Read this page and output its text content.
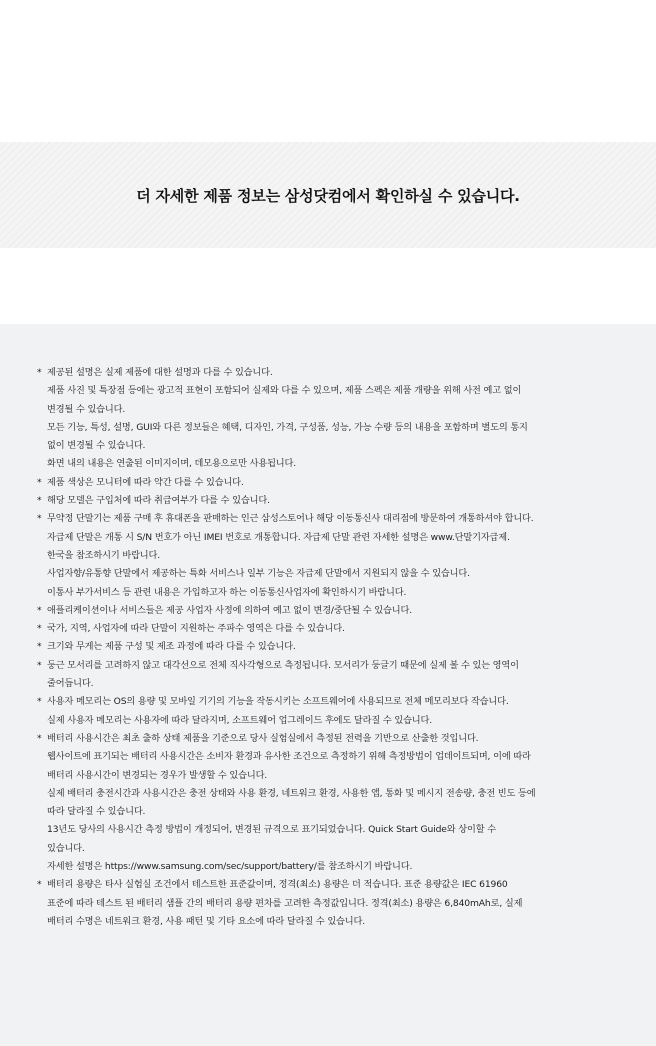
더 자세한 제품 정보는 삼성닷컴에서 확인하실 수 있습니다.
* 제공된 설명은 실제 제품에 대한 설명과 다를 수 있습니다.
제품 사진 및 특장점 등에는 광고적 표현이 포함되어 실제와 다를 수 있으며, 제품 스펙은 제품 개량을 위해 사전 예고 없이
변경될 수 있습니다.
모든 기능, 특성, 설명, GUI와 다른 정보들은 혜택, 디자인, 가격, 구성품, 성능, 가능 수량 등의 내용을 포함하며 별도의 통지
없이 변경될 수 있습니다.
화면 내의 내용은 연출된 이미지이며, 데모용으로만 사용됩니다.
* 제품 색상은 모니터에 따라 약간 다를 수 있습니다.
* 해당 모델은 구입처에 따라 취급여부가 다를 수 있습니다.
* 무약정 단말기는 제품 구매 후 휴대폰을 판매하는 인근 삼성스토어나 해당 이동통신사 대리점에 방문하여 개통하셔야 합니다.
자급제 단말은 개통 시 S/N 번호가 아닌 IMEI 번호로 개통합니다. 자급제 단말 관련 자세한 설명은 www.단말기자급제.
한국을 참조하시기 바랍니다.
사업자향/유통향 단말에서 제공하는 특화 서비스나 일부 기능은 자급제 단말에서 지원되지 않을 수 있습니다.
이통사 부가서비스 등 관련 내용은 가입하고자 하는 이동통신사업자에 확인하시기 바랍니다.
* 애플리케이션이나 서비스들은 제공 사업자 사정에 의하여 예고 없이 변경/중단될 수 있습니다.
* 국가, 지역, 사업자에 따라 단말이 지원하는 주파수 영역은 다를 수 있습니다.
* 크기와 무게는 제품 구성 및 제조 과정에 따라 다를 수 있습니다.
* 둥근 모서리를 고려하지 않고 대각선으로 전체 직사각형으로 측정됩니다. 모서리가 둥글기 때문에 실제 볼 수 있는 영역이
줄어듭니다.
* 사용자 메모리는 OS의 용량 및 모바일 기기의 기능을 작동시키는 소프트웨어에 사용되므로 전체 메모리보다 작습니다.
실제 사용자 메모리는 사용자에 따라 달라지며, 소프트웨어 업그레이드 후에도 달라질 수 있습니다.
* 배터리 사용시간은 최초 출하 상태 제품을 기준으로 당사 실험실에서 측정된 전력을 기반으로 산출한 것입니다.
웹사이트에 표기되는 배터리 사용시간은 소비자 환경과 유사한 조건으로 측정하기 위해 측정방법이 업데이트되며, 이에 따라
배터리 사용시간이 변경되는 경우가 발생할 수 있습니다.
실제 배터리 충전시간과 사용시간은 충전 상태와 사용 환경, 네트워크 환경, 사용한 앱, 통화 및 메시지 전송량, 충전 빈도 등에
따라 달라질 수 있습니다.
13년도 당사의 사용시간 측정 방법이 개정되어, 변경된 규격으로 표기되었습니다. Quick Start Guide와 상이할 수
있습니다.
자세한 설명은 https://www.samsung.com/sec/support/battery/를 참조하시기 바랍니다.
* 배터리 용량은 타사 실험실 조건에서 테스트한 표준값이며, 정격(최소) 용량은 더 적습니다. 표준 용량값은 IEC 61960
표준에 따라 테스트 된 배터리 샘플 간의 배터리 용량 편차를 고려한 측정값입니다. 정격(최소) 용량은 6,840mAh로, 실제
배터리 수명은 네트워크 환경, 사용 패턴 및 기타 요소에 따라 달라질 수 있습니다.
